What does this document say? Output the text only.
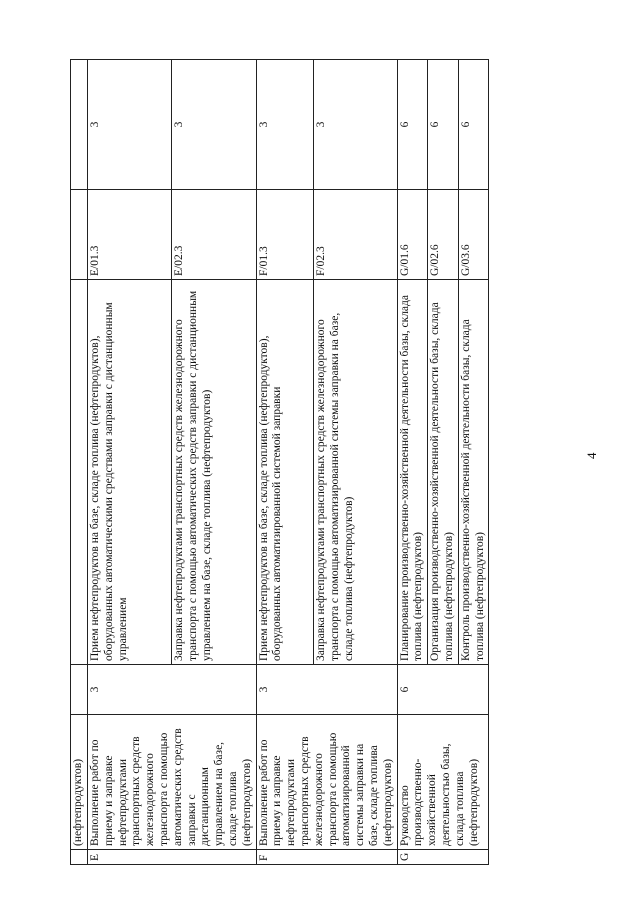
4
	(нефтепродуктов)				
E	Выполнение работ по приему и заправке нефтепродуктами транспортных средств железнодорожного транспорта с помощью автоматических средств заправки с дистанционным управлением на базе, складе топлива (нефтепродуктов)	3	Прием нефтепродуктов на базе, складе топлива (нефтепродуктов), оборудованных автоматическими средствами заправки с дистанционным управлением	E/01.3	3
			Заправка нефтепродуктами транспортных средств железнодорожного транспорта с помощью автоматических средств заправки с дистанционным управлением на базе, складе топлива (нефтепродуктов)	E/02.3	3
F	Выполнение работ по приему и заправке нефтепродуктами транспортных средств железнодорожного транспорта с помощью автоматизированной системы заправки на базе, складе топлива (нефтепродуктов)	3	Прием нефтепродуктов на базе, складе топлива (нефтепродуктов), оборудованных автоматизированной системой заправки	F/01.3	3
			Заправка нефтепродуктами транспортных средств железнодорожного транспорта с помощью автоматизированной системы заправки на базе, складе топлива (нефтепродуктов)	F/02.3	3
G	Руководство производственно-хозяйственной деятельностью базы, склада топлива (нефтепродуктов)	6	Планирование производственно-хозяйственной деятельности базы, склада топлива (нефтепродуктов)	G/01.6	6
			Организация производственно-хозяйственной деятельности базы, склада топлива (нефтепродуктов)	G/02.6	6
			Контроль производственно-хозяйственной деятельности базы, склада топлива (нефтепродуктов)	G/03.6	6
